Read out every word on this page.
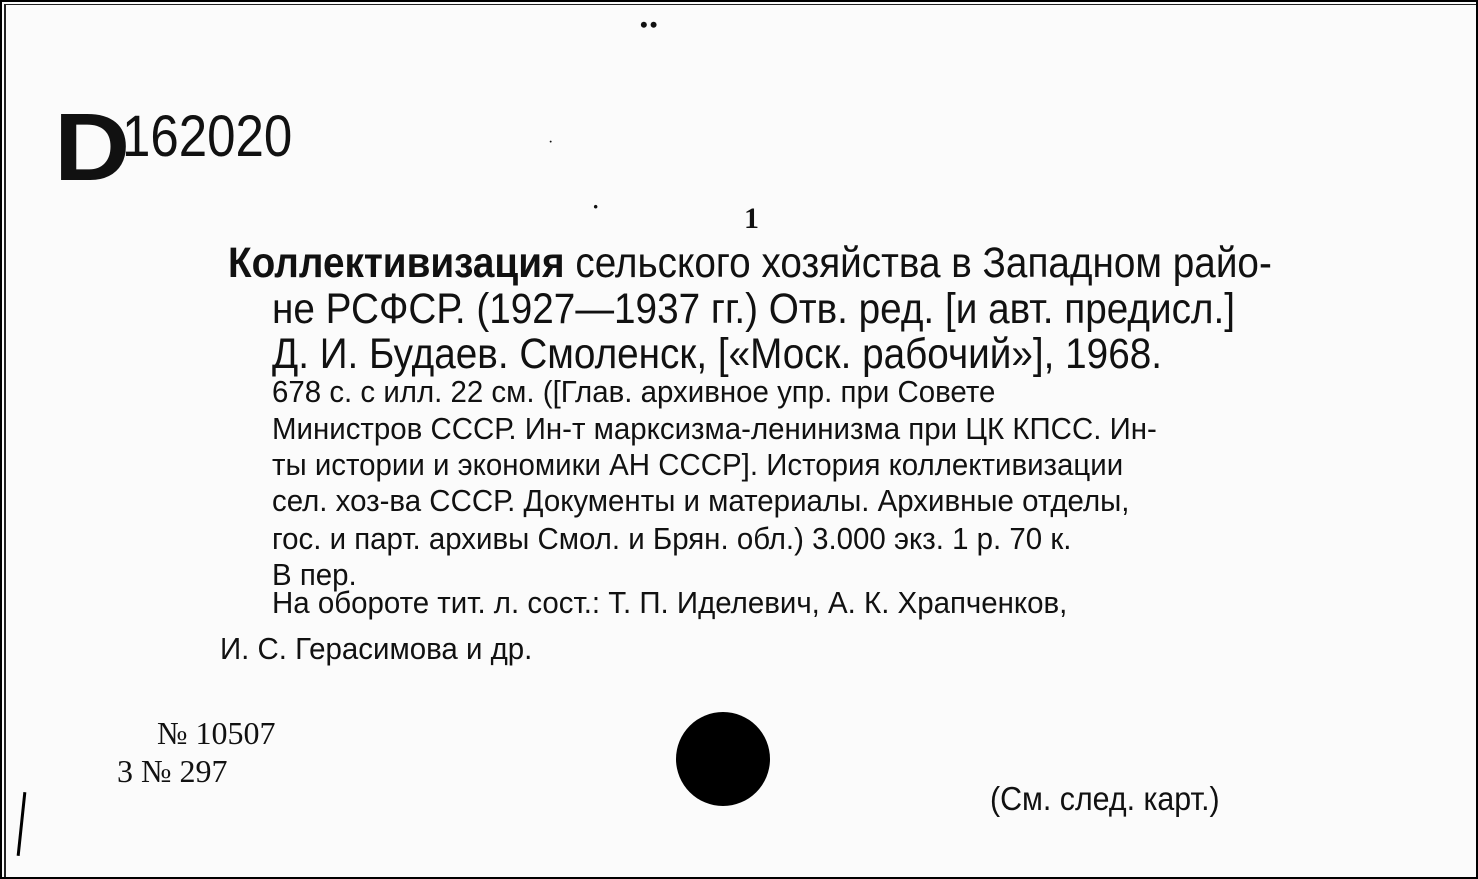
••
D
162020	·
·	1
Коллективизация сельского хозяйства в Западном райо-
не РСФСР. (1927—1937 гг.) Отв. ред. [и авт. предисл.]
Д. И. Будаев. Смоленск, [«Моск. рабочий»], 1968.
678 с. с илл. 22 см. ([Глав. архивное упр. при Совете
Министров СССР. Ин-т марксизма-ленинизма при ЦК КПСС. Ин-
ты истории и экономики АН СССР]. История коллективизации
сел. хоз-ва СССР. Документы и материалы. Архивные отделы,
гос. и парт. архивы Смол. и Брян. обл.) 3.000 экз. 1 р. 70 к.
В пер.
На обороте тит. л. сост.: Т. П. Иделевич, А. К. Храпченков,
И. С. Герасимова и др.
№ 10507
3 № 297
(См. след. карт.)
